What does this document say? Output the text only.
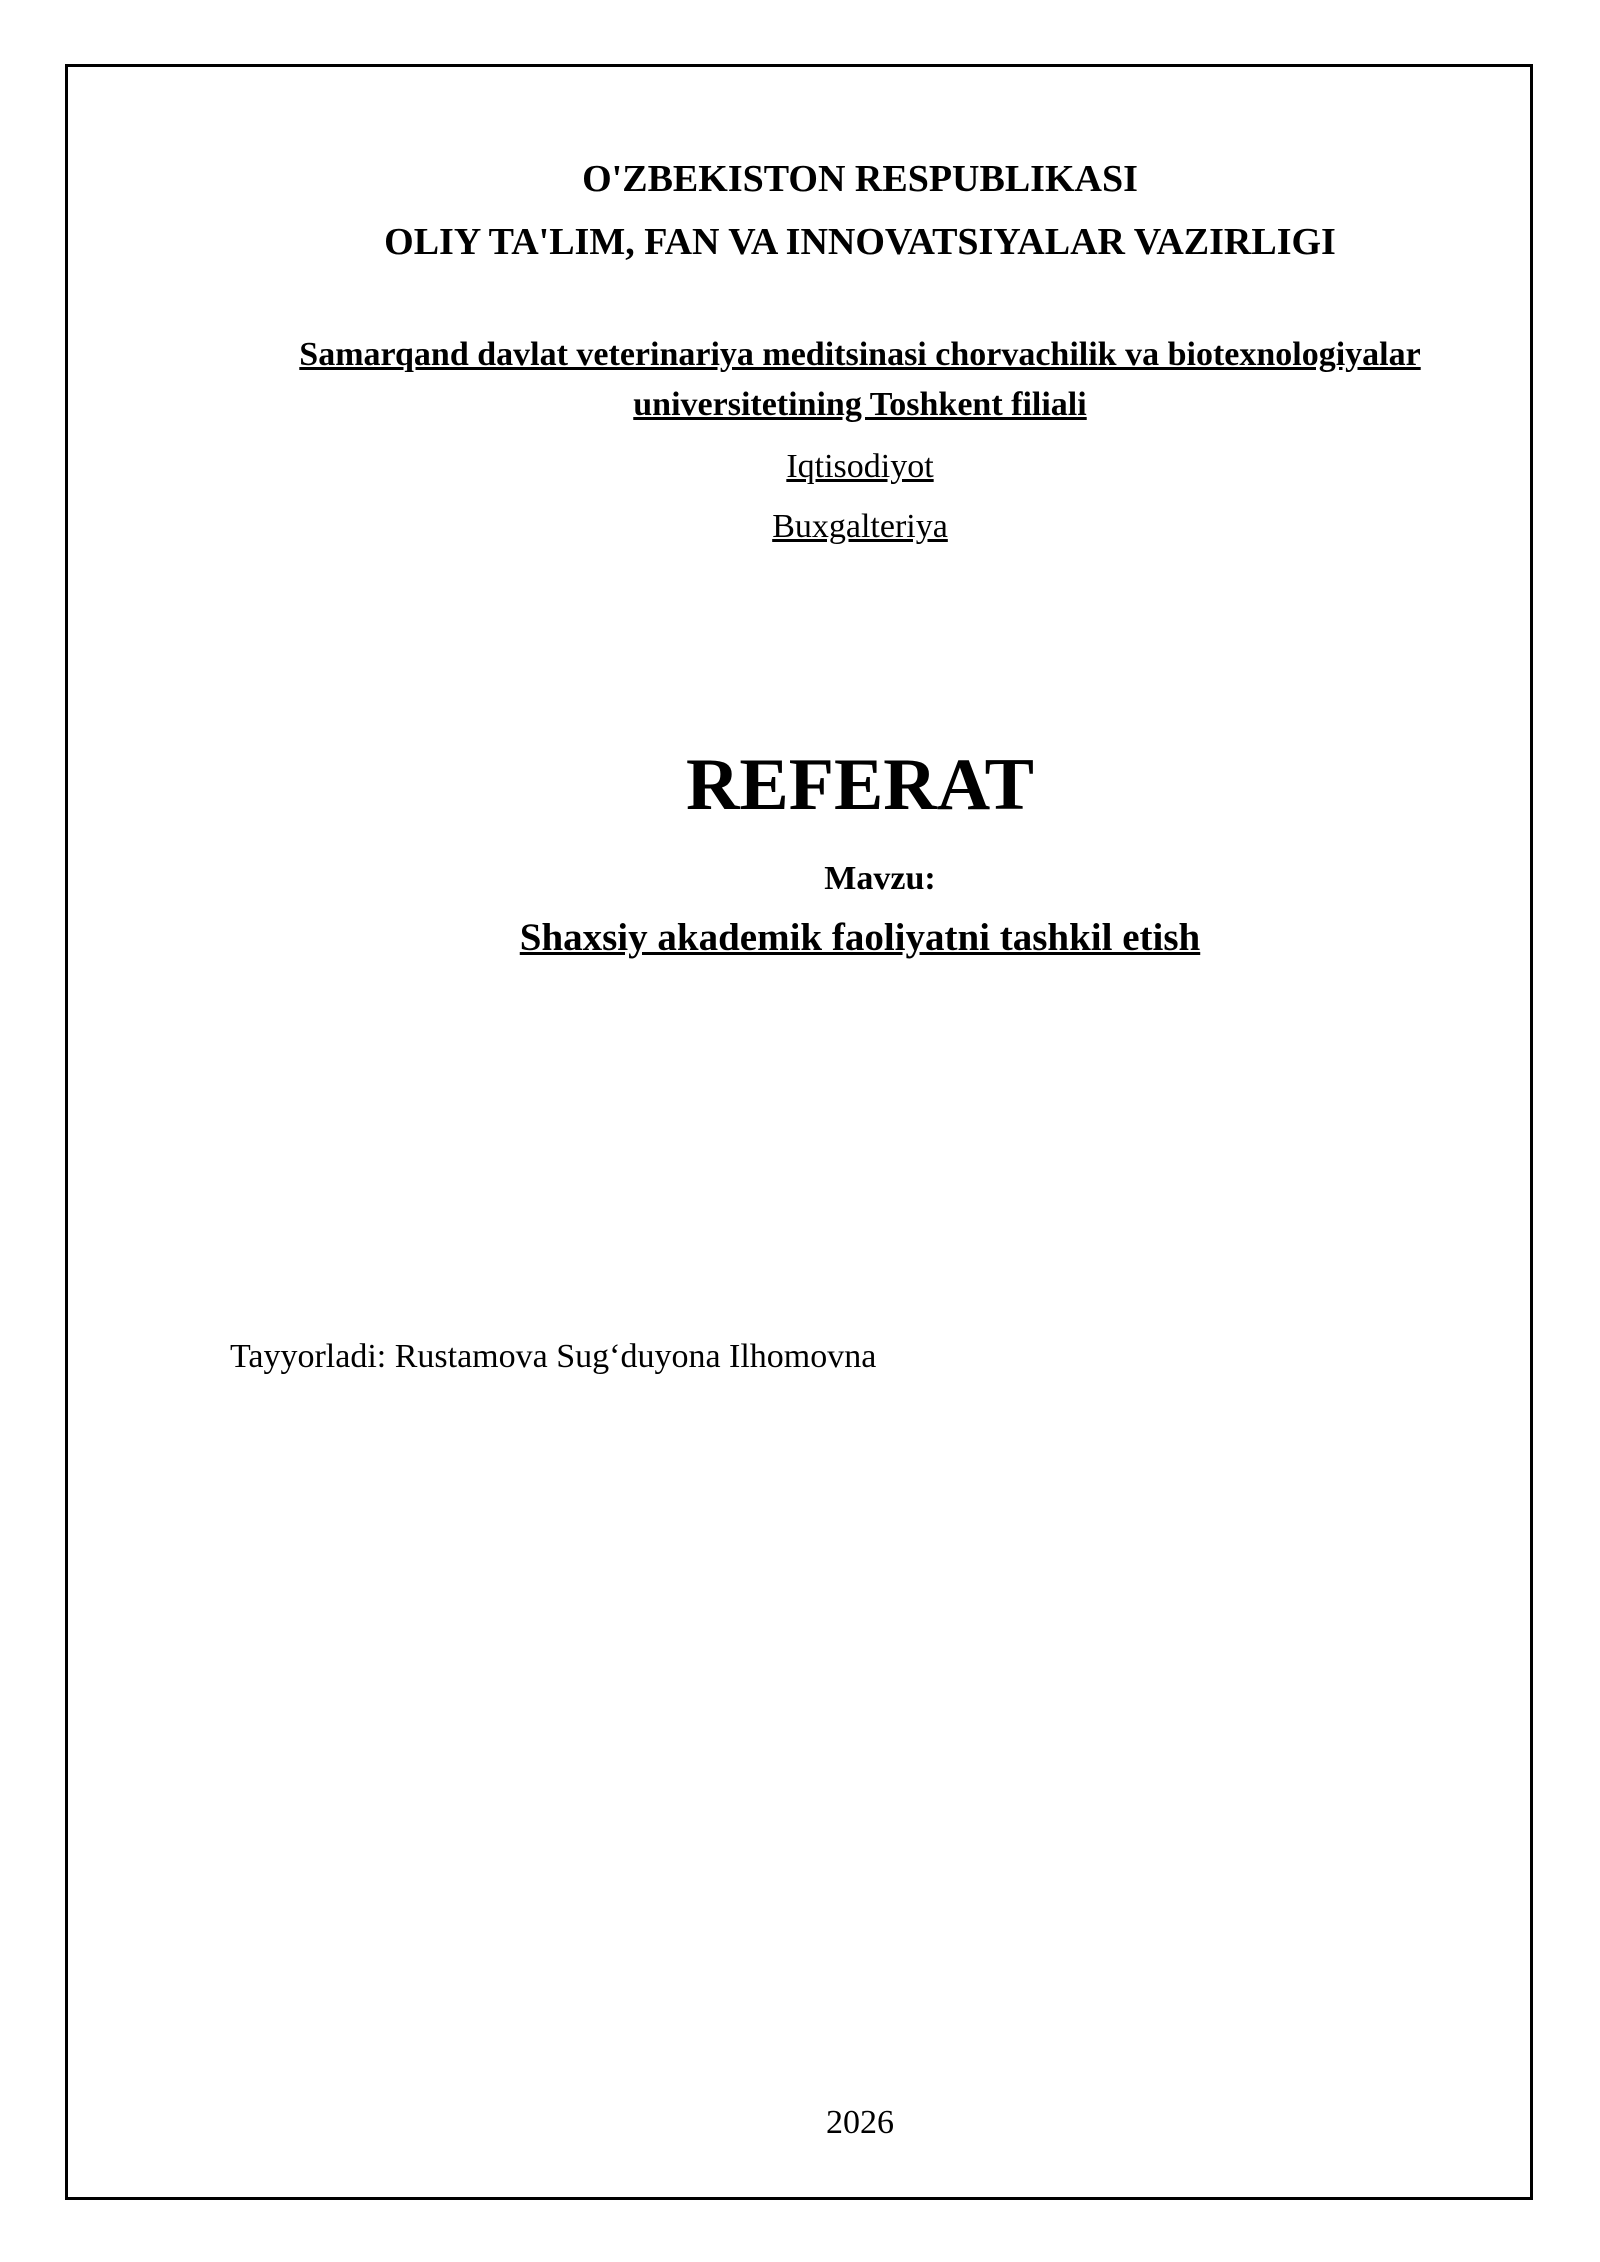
O'ZBEKISTON RESPUBLIKASI
OLIY TA'LIM, FAN VA INNOVATSIYALAR VAZIRLIGI
Samarqand davlat veterinariya meditsinasi chorvachilik va biotexnologiyalar
universitetining Toshkent filiali
Iqtisodiyot
Buxgalteriya
REFERAT
Mavzu:
Shaxsiy akademik faoliyatni tashkil etish
Tayyorladi: Rustamova Sug‘duyona Ilhomovna
2026
